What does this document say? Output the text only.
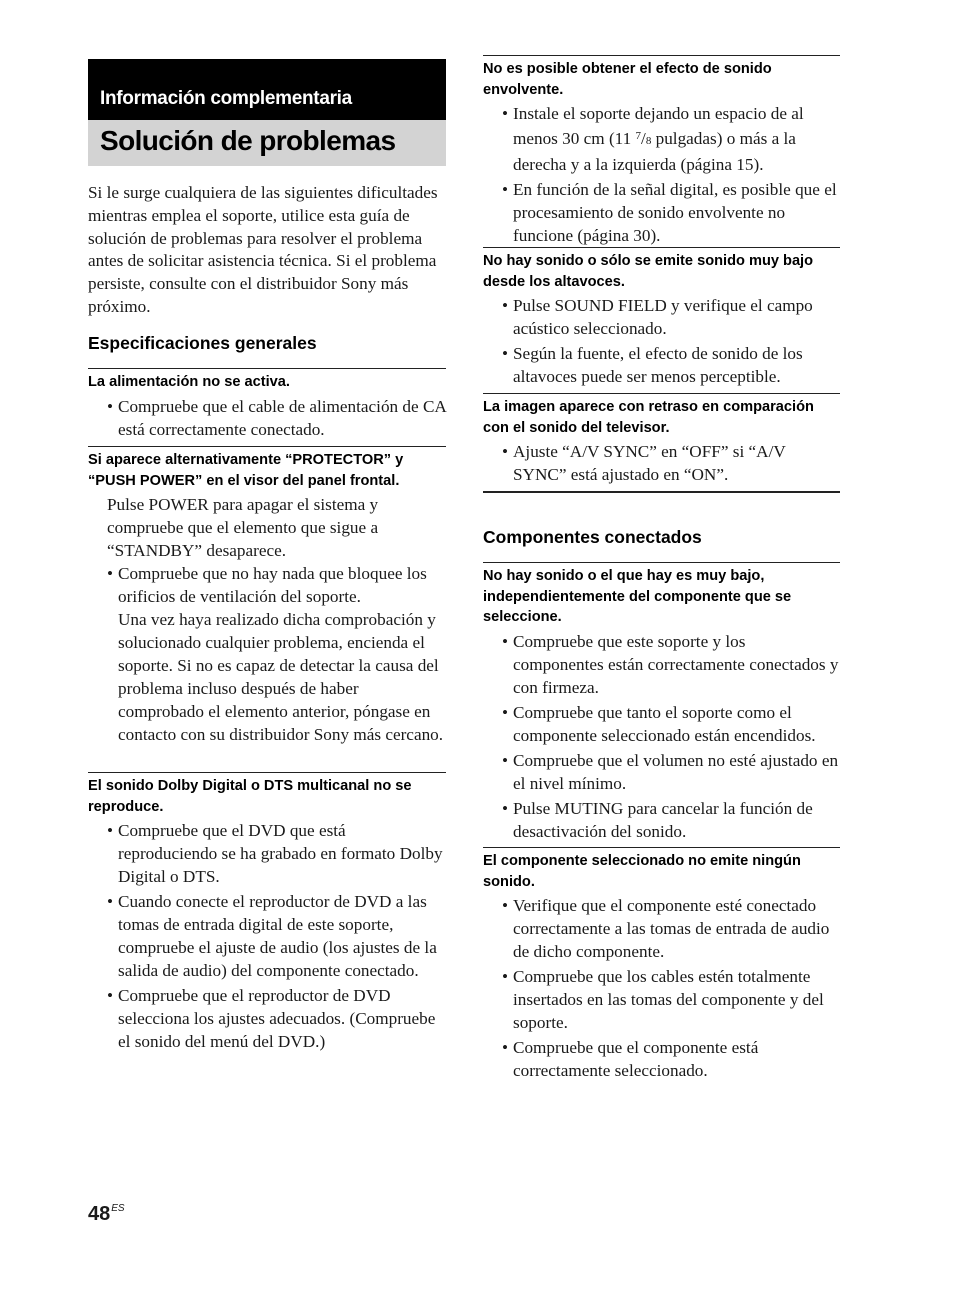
Información complementaria
Solución de problemas
Si le surge cualquiera de las siguientes dificultades mientras emplea el soporte, utilice esta guía de solución de problemas para resolver el problema antes de solicitar asistencia técnica. Si el problema persiste, consulte con el distribuidor Sony más próximo.
Especificaciones generales
La alimentación no se activa.
• Compruebe que el cable de alimentación de CA está correctamente conectado.
Si aparece alternativamente “PROTECTOR” y “PUSH POWER” en el visor del panel frontal.
Pulse POWER para apagar el sistema y compruebe que el elemento que sigue a “STANDBY” desaparece.
• Compruebe que no hay nada que bloquee los orificios de ventilación del soporte.
Una vez haya realizado dicha comprobación y solucionado cualquier problema, encienda el soporte. Si no es capaz de detectar la causa del problema incluso después de haber comprobado el elemento anterior, póngase en contacto con su distribuidor Sony más cercano.
El sonido Dolby Digital o DTS multicanal no se reproduce.
• Compruebe que el DVD que está reproduciendo se ha grabado en formato Dolby Digital o DTS.
• Cuando conecte el reproductor de DVD a las tomas de entrada digital de este soporte, compruebe el ajuste de audio (los ajustes de la salida de audio) del componente conectado.
• Compruebe que el reproductor de DVD selecciona los ajustes adecuados. (Compruebe el sonido del menú del DVD.)
No es posible obtener el efecto de sonido envolvente.
• Instale el soporte dejando un espacio de al menos 30 cm (11 $^7$/8 pulgadas) o más a la derecha y a la izquierda (página 15).
• En función de la señal digital, es posible que el procesamiento de sonido envolvente no funcione (página 30).
No hay sonido o sólo se emite sonido muy bajo desde los altavoces.
• Pulse SOUND FIELD y verifique el campo acústico seleccionado.
• Según la fuente, el efecto de sonido de los altavoces puede ser menos perceptible.
La imagen aparece con retraso en comparación con el sonido del televisor.
• Ajuste “A/V SYNC” en “OFF” si “A/V SYNC” está ajustado en “ON”.
Componentes conectados
No hay sonido o el que hay es muy bajo, independientemente del componente que se seleccione.
• Compruebe que este soporte y los componentes están correctamente conectados y con firmeza.
• Compruebe que tanto el soporte como el componente seleccionado están encendidos.
• Compruebe que el volumen no esté ajustado en el nivel mínimo.
• Pulse MUTING para cancelar la función de desactivación del sonido.
El componente seleccionado no emite ningún sonido.
• Verifique que el componente esté conectado correctamente a las tomas de entrada de audio de dicho componente.
• Compruebe que los cables estén totalmente insertados en las tomas del componente y del soporte.
• Compruebe que el componente está correctamente seleccionado.
$48^{ES}$
